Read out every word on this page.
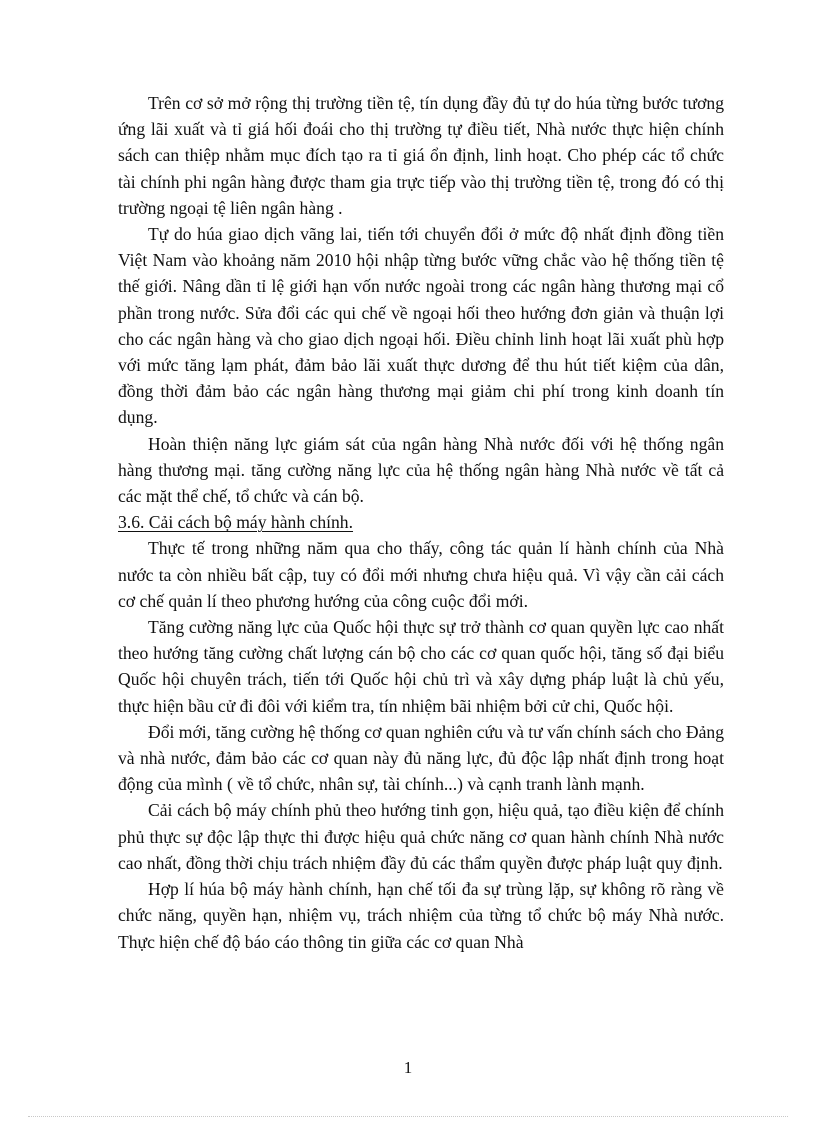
Trên cơ sở mở rộng thị trường tiền tệ, tín dụng đầy đủ tự do húa từng bước tương ứng lãi xuất và tỉ giá hối đoái cho thị trường tự điều tiết, Nhà nước thực hiện chính sách can thiệp nhằm mục đích tạo ra tỉ giá ổn định, linh hoạt. Cho phép các tổ chức tài chính phi ngân hàng được tham gia trực tiếp vào thị trường tiền tệ, trong đó có thị trường ngoại tệ liên ngân hàng .

Tự do húa giao dịch vãng lai, tiến tới chuyển đổi ở mức độ nhất định đồng tiền Việt Nam vào khoảng năm 2010 hội nhập từng bước vững chắc vào hệ thống tiền tệ thế giới. Nâng dần tỉ lệ giới hạn vốn nước ngoài trong các ngân hàng thương mại cổ phần trong nước. Sửa đổi các qui chế về ngoại hối theo hướng đơn giản và thuận lợi cho các ngân hàng và cho giao dịch ngoại hối. Điều chỉnh linh hoạt lãi xuất phù hợp với mức tăng lạm phát, đảm bảo lãi xuất thực dương để thu hút tiết kiệm của dân, đồng thời đảm bảo các ngân hàng thương mại giảm chi phí trong kinh doanh tín dụng.

Hoàn thiện năng lực giám sát của ngân hàng Nhà nước đối với hệ thống ngân hàng thương mại. tăng cường năng lực của hệ thống ngân hàng Nhà nước về tất cả các mặt thể chế, tổ chức và cán bộ.

3.6. Cải cách bộ máy hành chính.

Thực tế trong những năm qua cho thấy, công tác quản lí hành chính của Nhà nước ta còn nhiều bất cập, tuy có đổi mới nhưng chưa hiệu quả. Vì vậy cần cải cách cơ chế quản lí theo phương hướng của công cuộc đổi mới.

Tăng cường năng lực của Quốc hội thực sự trở thành cơ quan quyền lực cao nhất theo hướng tăng cường chất lượng cán bộ cho các cơ quan quốc hội, tăng số đại biểu Quốc hội chuyên trách, tiến tới Quốc hội chủ trì và xây dựng pháp luật là chủ yếu, thực hiện bầu cử đi đôi với kiểm tra, tín nhiệm bãi nhiệm bởi cử chi, Quốc hội.

Đổi mới, tăng cường hệ thống cơ quan nghiên cứu và tư vấn chính sách cho Đảng và nhà nước, đảm bảo các cơ quan này đủ năng lực, đủ độc lập nhất định trong hoạt động của mình ( về tổ chức, nhân sự, tài chính...) và cạnh tranh lành mạnh.

Cải cách bộ máy chính phủ theo hướng tinh gọn, hiệu quả, tạo điều kiện để chính phủ thực sự độc lập thực thi được hiệu quả chức năng cơ quan hành chính Nhà nước cao nhất, đồng thời chịu trách nhiệm đầy đủ các thẩm quyền được pháp luật quy định.

Hợp lí húa bộ máy hành chính, hạn chế tối đa sự trùng lặp, sự không rõ ràng về chức năng, quyền hạn, nhiệm vụ, trách nhiệm của từng tổ chức bộ máy Nhà nước. Thực hiện chế độ báo cáo thông tin giữa các cơ quan Nhà

1
